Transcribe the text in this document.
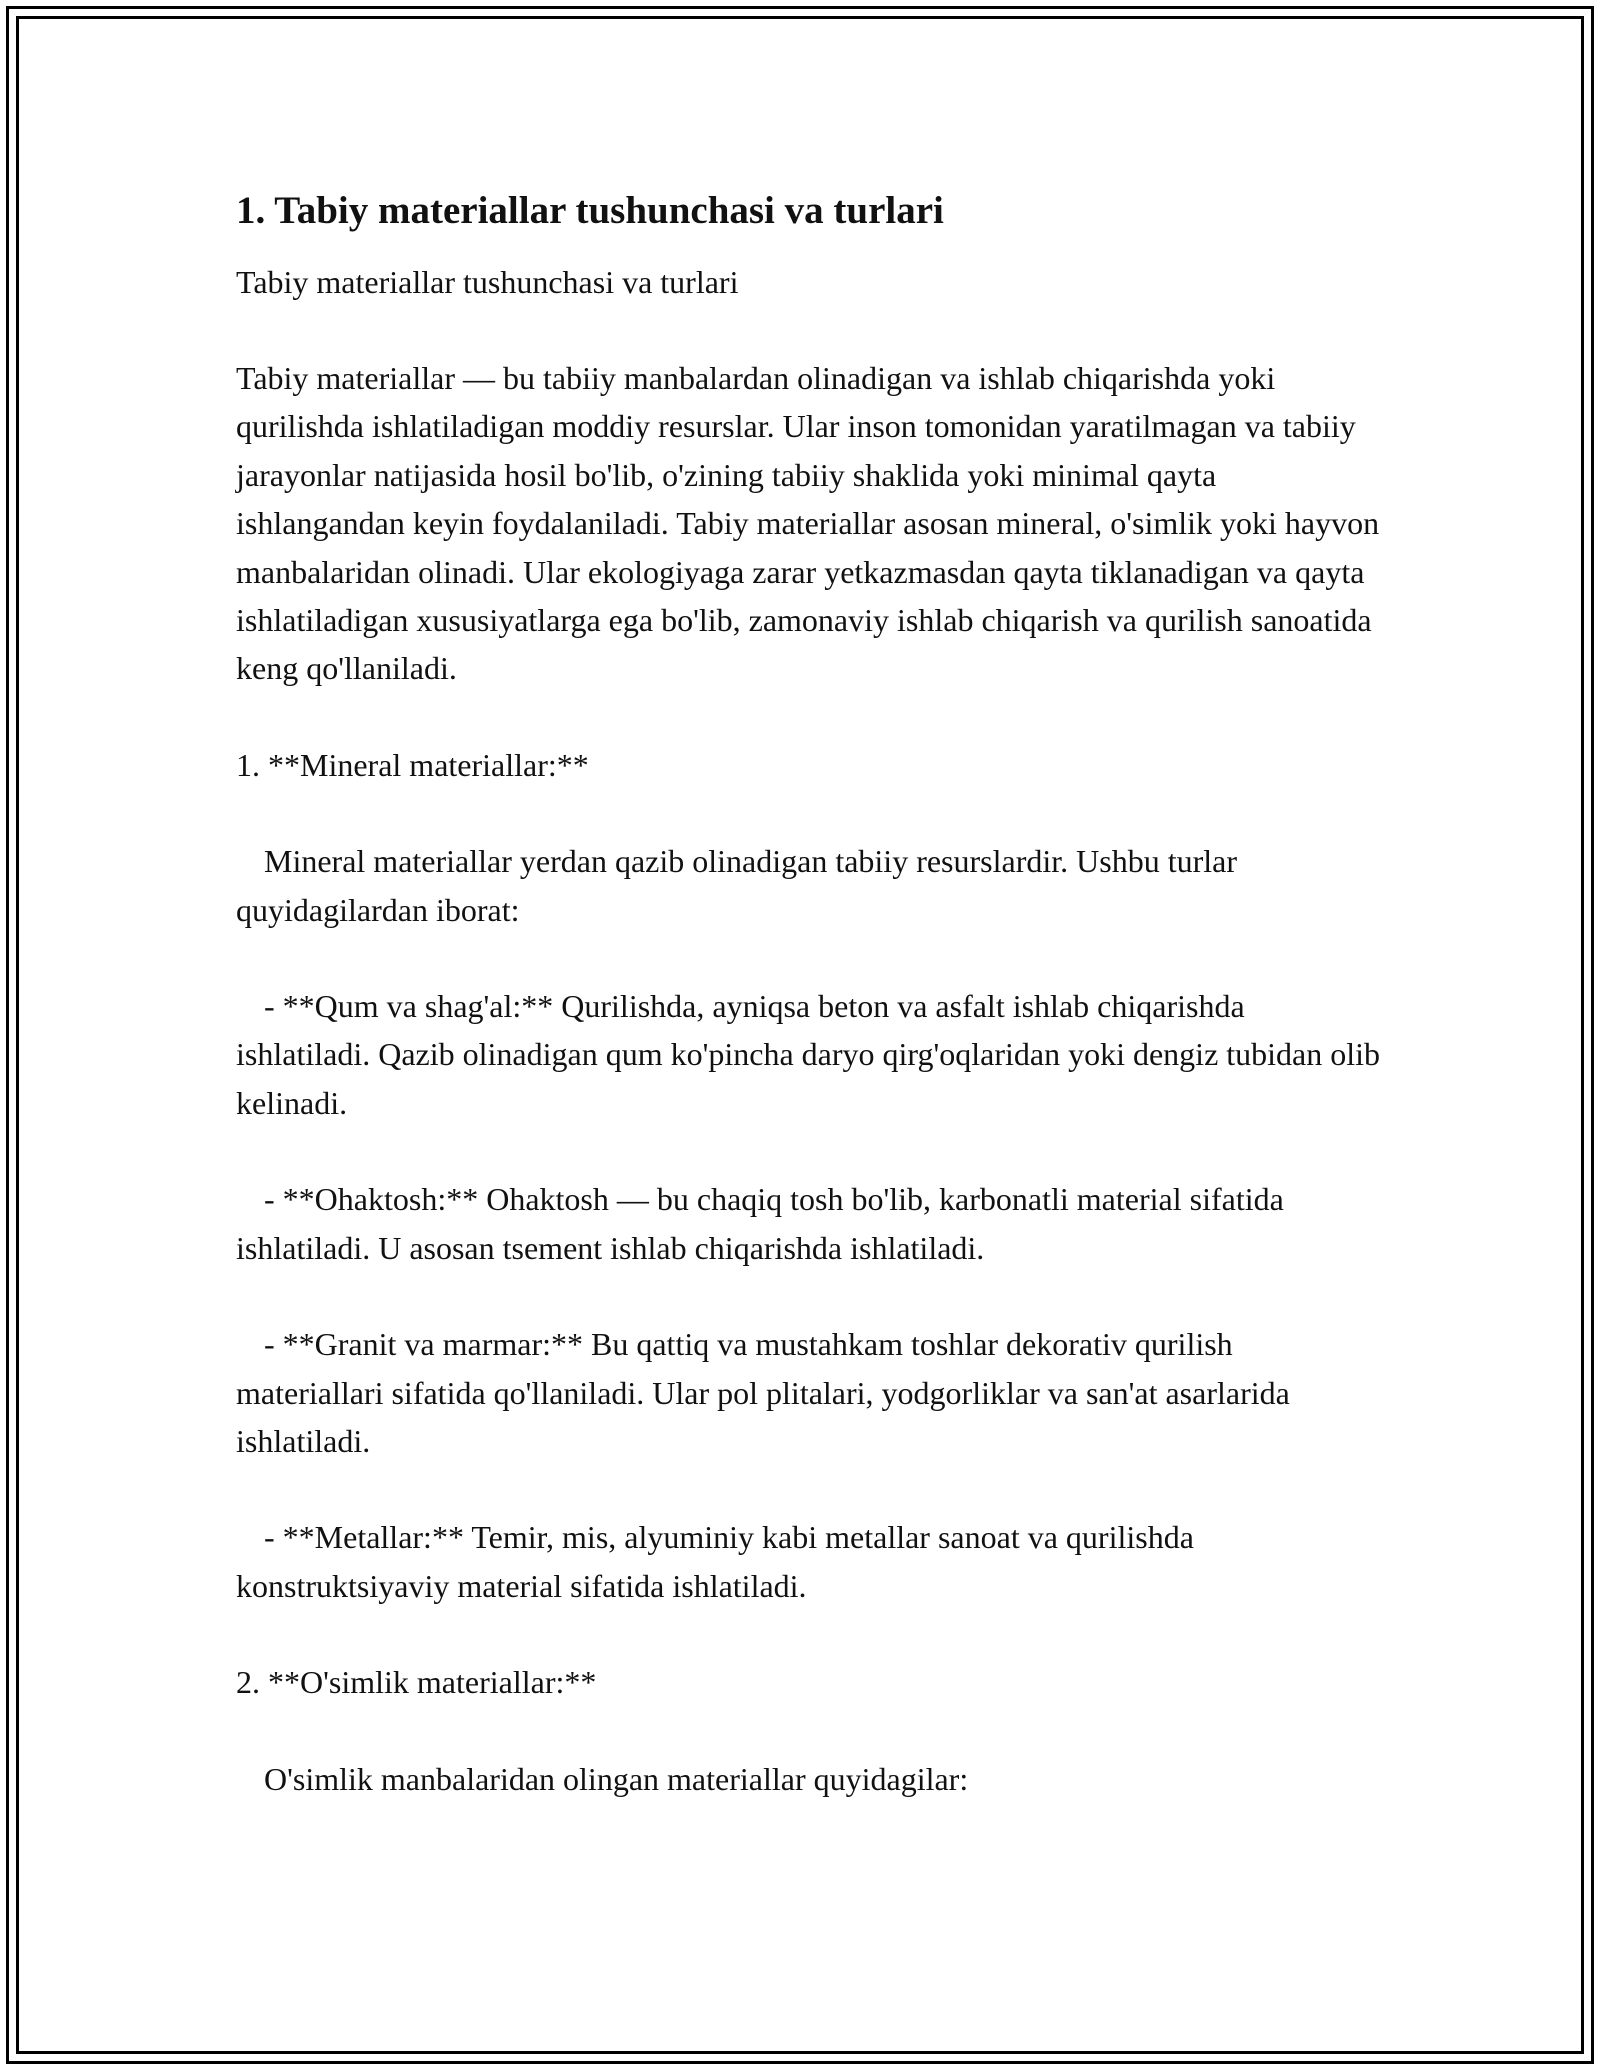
1. Tabiy materiallar tushunchasi va turlari

Tabiy materiallar tushunchasi va turlari

Tabiy materiallar — bu tabiiy manbalardan olinadigan va ishlab chiqarishda yoki qurilishda ishlatiladigan moddiy resurslar. Ular inson tomonidan yaratilmagan va tabiiy jarayonlar natijasida hosil bo'lib, o'zining tabiiy shaklida yoki minimal qayta ishlangandan keyin foydalaniladi. Tabiy materiallar asosan mineral, o'simlik yoki hayvon manbalaridan olinadi. Ular ekologiyaga zarar yetkazmasdan qayta tiklanadigan va qayta ishlatiladigan xususiyatlarga ega bo'lib, zamonaviy ishlab chiqarish va qurilish sanoatida keng qo'llaniladi.

1. **Mineral materiallar:**

Mineral materiallar yerdan qazib olinadigan tabiiy resurslardir. Ushbu turlar quyidagilardan iborat:

- **Qum va shag'al:** Qurilishda, ayniqsa beton va asfalt ishlab chiqarishda ishlatiladi. Qazib olinadigan qum ko'pincha daryo qirg'oqlaridan yoki dengiz tubidan olib kelinadi.

- **Ohaktosh:** Ohaktosh — bu chaqiq tosh bo'lib, karbonatli material sifatida ishlatiladi. U asosan tsement ishlab chiqarishda ishlatiladi.

- **Granit va marmar:** Bu qattiq va mustahkam toshlar dekorativ qurilish materiallari sifatida qo'llaniladi. Ular pol plitalari, yodgorliklar va san'at asarlarida ishlatiladi.

- **Metallar:** Temir, mis, alyuminiy kabi metallar sanoat va qurilishda konstruktsiyaviy material sifatida ishlatiladi.

2. **O'simlik materiallar:**

O'simlik manbalaridan olingan materiallar quyidagilar:
